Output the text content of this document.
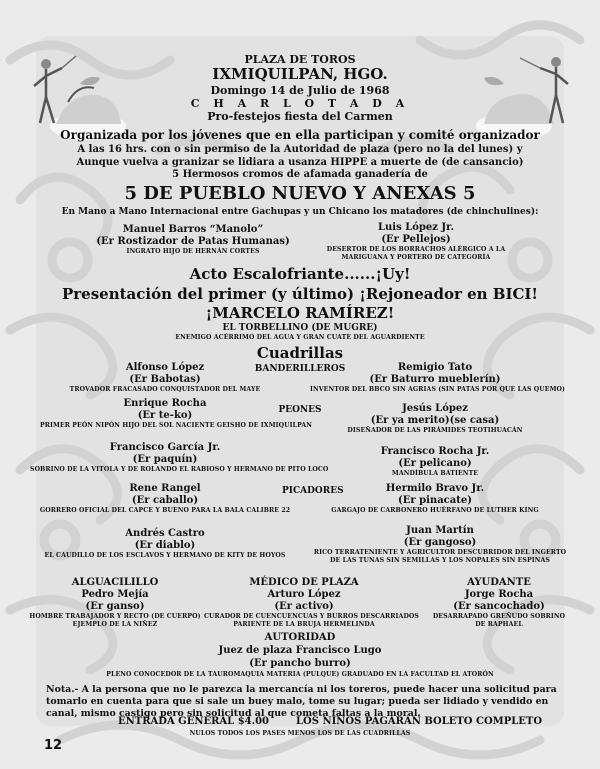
PLAZA DE TOROS
IXMIQUILPAN, HGO.
Domingo 14 de Julio de 1968
C H A R L O T A D A
Pro-festejos fiesta del Carmen
Organizada por los jóvenes que en ella participan y comité organizador
A las 16 hrs. con o sin permiso de la Autoridad de plaza (pero no la del lunes) y
Aunque vuelva a granizar se lidiara a usanza HIPPE a muerte de (de cansancio)
5 Hermosos cromos de afamada ganadería de
5 DE PUEBLO NUEVO Y ANEXAS 5
En Mano a Mano Internacional entre Gachupas y un Chicano los matadores (de chinchulines):
Manuel Barros “Manolo”
(Er Rostizador de Patas Humanas)
INGRATO HIJO DE HERNÁN CORTES
Luis López Jr.
(Er Pellejos)
DESERTOR DE LOS BORRACHOS ALÉRGICO A LA
MARIGUANA Y PORTERO DE CATEGORÍA
Acto Escalofriante......¡Uy!
Presentación del primer (y último) ¡Rejoneador en BICI!
¡MARCELO RAMÍREZ!
EL TORBELLINO (DE MUGRE)
ENEMIGO ACÉRRIMO DEL AGUA Y GRAN CUATE DEL AGUARDIENTE
Cuadrillas
BANDERILLEROS
PEONES
PICADORES
Alfonso López
(Er Babotas)
TROVADOR FRACASADO CONQUISTADOR DEL MAYE
Remigio Tato
(Er Baturro mueblerín)
INVENTOR DEL BBCO SIN AGRIAS (SIN PATAS POR QUE LAS QUEMO)
Enrique Rocha
(Er te-ko)
PRIMER PEÓN NIPÓN HIJO DEL SOL NACIENTE GEISHO DE IXMIQUILPAN
Jesús López
(Er ya merito)(se casa)
DISEÑADOR DE LAS PIRÁMIDES TEOTIHUACÁN
Francisco García Jr.
(Er paquín)
SOBRINO DE LA VITOLA Y DE ROLANDO EL RABIOSO Y HERMANO DE PITO LOCO
Francisco Rocha Jr.
(Er pelicano)
MANDÍBULA BATIENTE
Rene Rangel
(Er caballo)
GORRERO OFICIAL DEL CAPCE Y BUENO PARA LA BALA CALIBRE 22
Hermilo Bravo Jr.
(Er pinacate)
GARGAJO DE CARBONERO HUÉRFANO DE LUTHER KING
Andrés Castro
(Er diablo)
EL CAUDILLO DE LOS ESCLAVOS Y HERMANO DE KITY DE HOYOS
Juan Martín
(Er gangoso)
RICO TERRATENIENTE Y AGRICULTOR DESCUBRIDOR DEL INGERTO
DE LAS TUNAS SIN SEMILLAS Y LOS NOPALES SIN ESPINAS
ALGUACILILLO
Pedro Mejía
(Er ganso)
HOMBRE TRABAJADOR Y RECTO (DE CUERPO)
EJEMPLO DE LA NIÑEZ
MÉDICO DE PLAZA
Arturo López
(Er activo)
CURADOR DE CUENCUENCUAS Y BURROS DESCARRIADOS
PARIENTE DE LA BRUJA HERMELINDA
AYUDANTE
Jorge Rocha
(Er sancochado)
DESARRAPADO GREÑUDO SOBRINO
DE RAPHAEL
AUTORIDAD
Juez de plaza Francisco Lugo
(Er pancho burro)
PLENO CONOCEDOR DE LA TAUROMAQUIA MATERIA (PULQUE) GRADUADO EN LA FACULTAD EL ATORÓN
Nota.- A la persona que no le parezca la mercancía ni los toreros, puede hacer una solicitud para tomarlo en cuenta para que si sale un buey malo, tome su lugar; pueda ser lidiado y vendido en canal, mismo castigo pero sin solicitud al que cometa faltas a la moral.
ENTRADA GENERAL $4.00	LOS NIÑOS PAGARÁN BOLETO COMPLETO
NULOS TODOS LOS PASES MENOS LOS DE LAS CUADRILLAS
12
